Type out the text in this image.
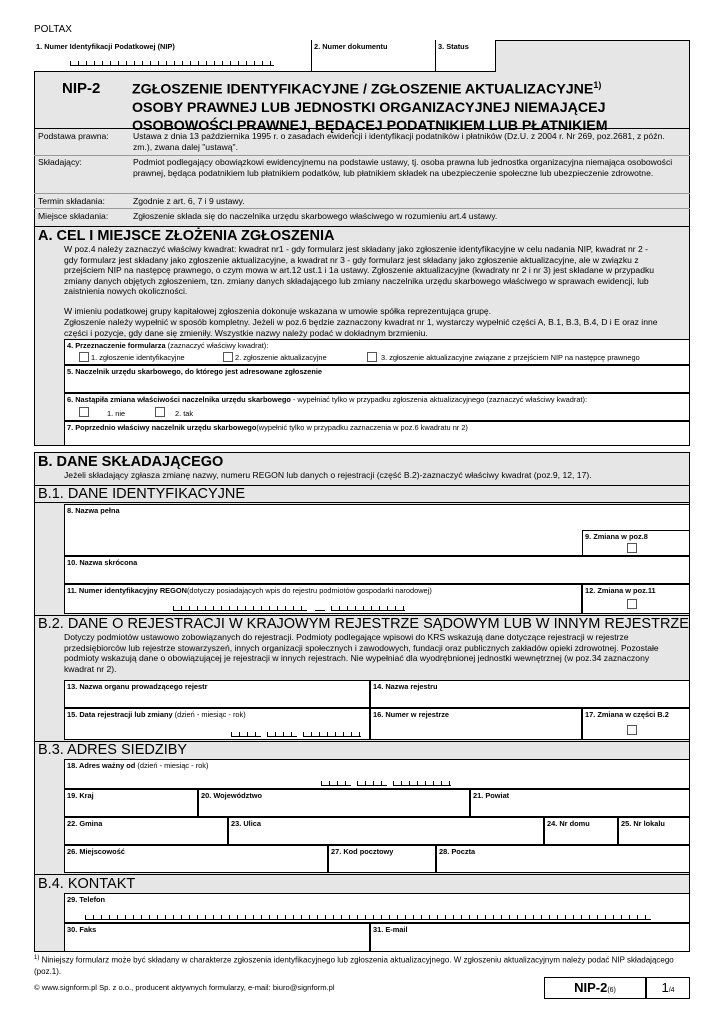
POLTAX
1. Numer Identyfikacji Podatkowej (NIP)	2. Numer dokumentu	3. Status
NIP-2 ZGŁOSZENIE IDENTYFIKACYJNE / ZGŁOSZENIE AKTUALIZACYJNE$^{1)}$
OSOBY PRAWNEJ LUB JEDNOSTKI ORGANIZACYJNEJ NIEMAJĄCEJ
OSOBOWOŚCI PRAWNEJ, BĘDĄCEJ PODATNIKIEM LUB PŁATNIKIEM
Podstawa prawna:	Ustawa z dnia 13 października 1995 r. o zasadach ewidencji i identyfikacji podatników i płatników (Dz.U. z 2004 r. Nr 269, poz.2681, z późn. zm.), zwana dalej "ustawą".
Składający:	Podmiot podlegający obowiązkowi ewidencyjnemu na podstawie ustawy, tj. osoba prawna lub jednostka organizacyjna niemająca osobowości prawnej, będąca podatnikiem lub płatnikiem podatków, lub płatnikiem składek na ubezpieczenie społeczne lub ubezpieczenie zdrowotne.
Termin składania:	Zgodnie z art. 6, 7 i 9 ustawy.
Miejsce składania:	Zgłoszenie składa się do naczelnika urzędu skarbowego właściwego w rozumieniu art.4 ustawy.
A. CEL I MIEJSCE ZŁOŻENIA ZGŁOSZENIA
W poz.4 należy zaznaczyć właściwy kwadrat: kwadrat nr1 - gdy formularz jest składany jako zgłoszenie identyfikacyjne w celu nadania NIP, kwadrat nr 2 - gdy formularz jest składany jako zgłoszenie aktualizacyjne, a kwadrat nr 3 - gdy formularz jest składany jako zgłoszenie aktualizacyjne, ale w związku z przejściem NIP na następcę prawnego, o czym mowa w art.12 ust.1 i 1a ustawy. Zgłoszenie aktualizacyjne (kwadraty nr 2 i nr 3) jest składane w przypadku zmiany danych objętych zgłoszeniem, tzn. zmiany danych składającego lub zmiany naczelnika urzędu skarbowego właściwego w sprawach ewidencji, lub zaistnienia nowych okoliczności.
W imieniu podatkowej grupy kapitałowej zgłoszenia dokonuje wskazana w umowie spółka reprezentująca grupę.
Zgłoszenie należy wypełnić w sposób kompletny. Jeżeli w poz.6 będzie zaznaczony kwadrat nr 1, wystarczy wypełnić części A, B.1, B.3, B.4, D i E oraz inne części i pozycje, gdy dane się zmieniły. Wszystkie nazwy należy podać w dokładnym brzmieniu.
4. Przeznaczenie formularza (zaznaczyć właściwy kwadrat):
1. zgłoszenie identyfikacyjne	2. zgłoszenie aktualizacyjne	3. zgłoszenie aktualizacyjne związane z przejściem NIP na następcę prawnego
5. Naczelnik urzędu skarbowego, do którego jest adresowane zgłoszenie
6. Nastąpiła zmiana właściwości naczelnika urzędu skarbowego - wypełniać tylko w przypadku zgłoszenia aktualizacyjnego (zaznaczyć właściwy kwadrat):
1. nie	2. tak
7. Poprzednio właściwy naczelnik urzędu skarbowego(wypełnić tylko w przypadku zaznaczenia w poz.6 kwadratu nr 2)
B. DANE SKŁADAJĄCEGO
Jeżeli składający zgłasza zmianę nazwy, numeru REGON lub danych o rejestracji (część B.2)-zaznaczyć właściwy kwadrat (poz.9, 12, 17).
B.1. DANE IDENTYFIKACYJNE
8. Nazwa pełna
9. Zmiana w poz.8
10. Nazwa skrócona
11. Numer identyfikacyjny REGON(dotyczy posiadających wpis do rejestru podmiotów gospodarki narodowej)	12. Zmiana w poz.11
B.2. DANE O REJESTRACJI W KRAJOWYM REJESTRZE SĄDOWYM LUB W INNYM REJESTRZE
Dotyczy podmiotów ustawowo zobowiązanych do rejestracji. Podmioty podlegające wpisowi do KRS wskazują dane dotyczące rejestracji w rejestrze przedsiębiorców lub rejestrze stowarzyszeń, innych organizacji społecznych i zawodowych, fundacji oraz publicznych zakładów opieki zdrowotnej. Pozostałe podmioty wskazują dane o obowiązującej je rejestracji w innych rejestrach. Nie wypełniać dla wyodrębnionej jednostki wewnętrznej (w poz.34 zaznaczony kwadrat nr 2).
13. Nazwa organu prowadzącego rejestr	14. Nazwa rejestru
15. Data rejestracji lub zmiany (dzień - miesiąc - rok)	16. Numer w rejestrze	17. Zmiana w części B.2
B.3. ADRES SIEDZIBY
18. Adres ważny od (dzień - miesiąc - rok)
19. Kraj	20. Województwo	21. Powiat
22. Gmina	23. Ulica	24. Nr domu	25. Nr lokalu
26. Miejscowość	27. Kod pocztowy	28. Poczta
B.4. KONTAKT
29. Telefon
30. Faks	31. E-mail
$^{1)}$ Niniejszy formularz może być składany w charakterze zgłoszenia identyfikacyjnego lub zgłoszenia aktualizacyjnego. W zgłoszeniu aktualizacyjnym należy podać NIP składającego (poz.1).
© www.signform.pl Sp. z o.o., producent aktywnych formularzy, e-mail: biuro@signform.pl	NIP-2(6)	1/4
